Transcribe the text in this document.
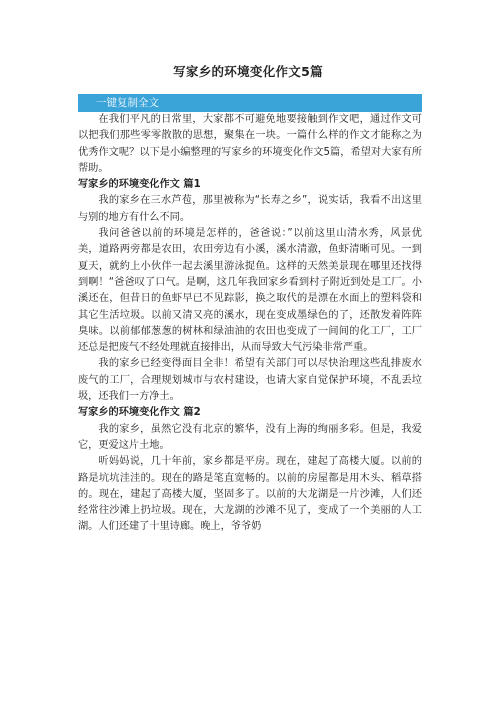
写家乡的环境变化作文5篇
一键复制全文

在我们平凡的日常里，大家都不可避免地要接触到作文吧，通过作文可以把我们那些零零散散的思想，聚集在一块。一篇什么样的作文才能称之为优秀作文呢？以下是小编整理的写家乡的环境变化作文5篇，希望对大家有所帮助。

写家乡的环境变化作文 篇1

我的家乡在三水芦苞，那里被称为“长寿之乡”，说实话，我看不出这里与别的地方有什么不同。

我问爸爸以前的环境是怎样的，爸爸说：”以前这里山清水秀，风景优美，道路两旁都是农田，农田旁边有小溪，溪水清澈，鱼虾清晰可见。一到夏天，就約上小伙伴一起去溪里游泳捉鱼。这样的天然美景现在哪里还找得到啊！“爸爸叹了口气。是啊，这几年我回家乡看到村子附近到处是工厂。小溪还在，但昔日的鱼虾早已不见踪影，换之取代的是漂在水面上的塑料袋和其它生活垃圾。以前又清又亮的溪水，现在变成墨绿色的了，还散发着阵阵臭味。以前郁郁葱葱的树林和绿油油的农田也变成了一间间的化工厂，工厂还总是把废气不经处理就直接排出，从而导致大气污染非常严重。

我的家乡已经变得面目全非！希望有关部门可以尽快治理这些乱排废水废气的工厂，合理规划城市与农村建设，也请大家自觉保护环境，不乱丢垃圾，还我们一方净土。

写家乡的环境变化作文 篇2

我的家乡，虽然它没有北京的繁华，没有上海的绚丽多彩。但是，我爱它，更爱这片土地。

听妈妈说，几十年前，家乡都是平房。现在，建起了高楼大厦。以前的路是坑坑洼洼的。现在的路是笔直宽畅的。以前的房屋都是用木头、稻草搭的。现在，建起了高楼大厦，坚固多了。以前的大龙湖是一片沙滩，人们还经常往沙滩上扔垃圾。现在，大龙湖的沙滩不见了，变成了一个美丽的人工湖。人们还建了十里诗廊。晚上，爷爷奶
